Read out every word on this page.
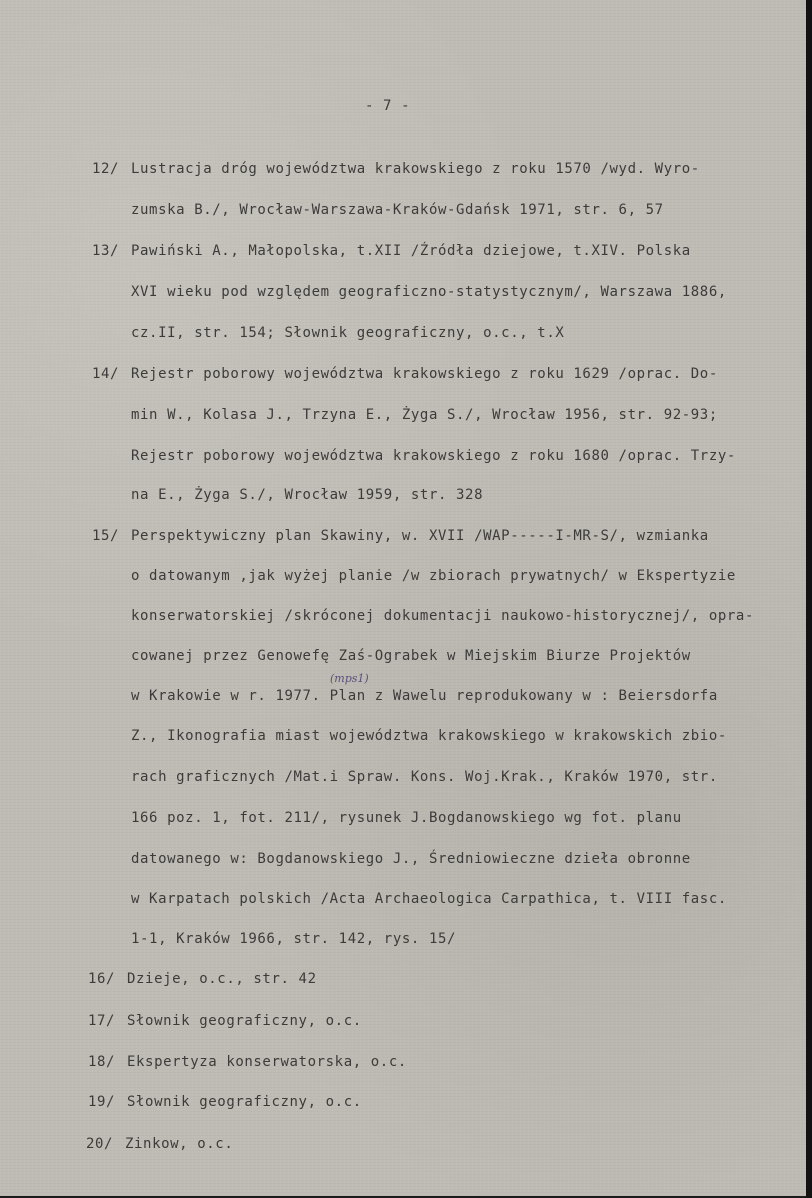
- 7 -
12/ Lustracja dróg województwa krakowskiego z roku 1570 /wyd. Wyro-
zumska B./, Wrocław-Warszawa-Kraków-Gdańsk 1971, str. 6, 57
13/ Pawiński A., Małopolska, t.XII /Źródła dziejowe, t.XIV. Polska
XVI wieku pod względem geograficzno-statystycznym/, Warszawa 1886,
cz.II, str. 154; Słownik geograficzny, o.c., t.X
14/ Rejestr poborowy województwa krakowskiego z roku 1629 /oprac. Do-
min W., Kolasa J., Trzyna E., Żyga S./, Wrocław 1956, str. 92-93;
Rejestr poborowy województwa krakowskiego z roku 1680 /oprac. Trzy-
na E., Żyga S./, Wrocław 1959, str. 328
15/ Perspektywiczny plan Skawiny, w. XVII /WAP-----I-MR-S/, wzmianka
o datowanym ,jak wyżej planie /w zbiorach prywatnych/ w Ekspertyzie
konserwatorskiej /skróconej dokumentacji naukowo-historycznej/, opra-
cowanej przez Genowefę Zaś-Ograbek w Miejskim Biurze Projektów
(mps1)
w Krakowie w r. 1977. Plan z Wawelu reprodukowany w : Beiersdorfa
Z., Ikonografia miast województwa krakowskiego w krakowskich zbio-
rach graficznych /Mat.i Spraw. Kons. Woj.Krak., Kraków 1970, str.
166 poz. 1, fot. 211/, rysunek J.Bogdanowskiego wg fot. planu
datowanego w: Bogdanowskiego J., Średniowieczne dzieła obronne
w Karpatach polskich /Acta Archaeologica Carpathica, t. VIII fasc.
1-1, Kraków 1966, str. 142, rys. 15/
16/ Dzieje, o.c., str. 42
17/ Słownik geograficzny, o.c.
18/ Ekspertyza konserwatorska, o.c.
19/ Słownik geograficzny, o.c.
20/ Zinkow, o.c.
